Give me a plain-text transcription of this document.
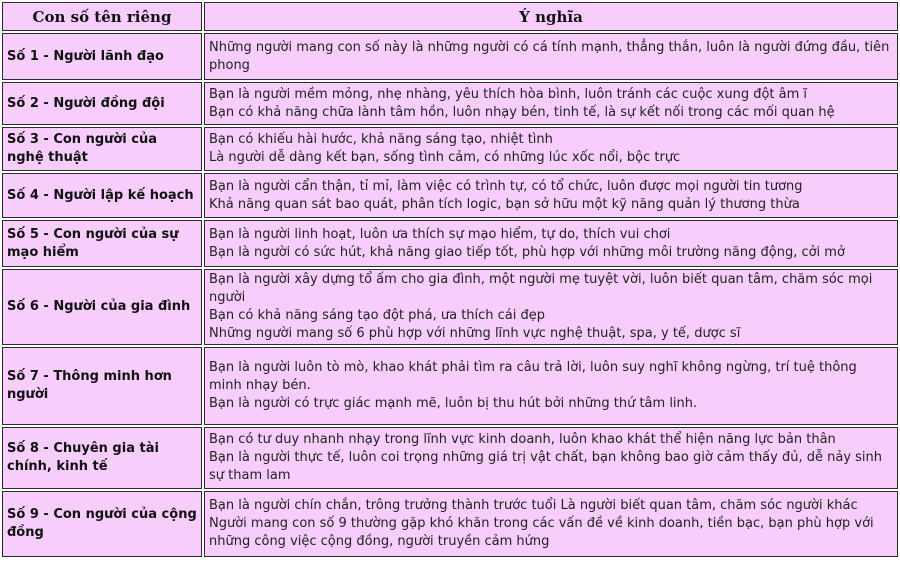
Con số tên riêng	Ý nghĩa
Số 1 - Người lãnh đạo	Những người mang con số này là những người có cá tính mạnh, thẳng thắn, luôn là người đứng đầu, tiên phong

Số 2 - Người đồng đội	Bạn là người mềm mỏng, nhẹ nhàng, yêu thích hòa bình, luôn tránh các cuộc xung đột âm ĩ
Bạn có khả năng chữa lành tâm hồn, luôn nhạy bén, tinh tế, là sự kết nối trong các mối quan hệ

Số 3 - Con người của nghệ thuật	Bạn có khiếu hài hước, khả năng sáng tạo, nhiệt tình
Là người dễ dàng kết bạn, sống tình cảm, có những lúc xốc nổi, bộc trực

Số 4 - Người lập kế hoạch	Bạn là người cẩn thận, tỉ mỉ, làm việc có trình tự, có tổ chức, luôn được mọi người tin tương
Khả năng quan sát bao quát, phân tích logic, bạn sở hữu một kỹ năng quản lý thương thừa

Số 5 - Con người của sự mạo hiểm	Bạn là người linh hoạt, luôn ưa thích sự mạo hiểm, tự do, thích vui chơi
Bạn là người có sức hút, khả năng giao tiếp tốt, phù hợp với những môi trường năng động, cởi mở

Số 6 - Người của gia đình	Bạn là người xây dựng tổ ấm cho gia đình, một người mẹ tuyệt vời, luôn biết quan tâm, chăm sóc mọi người
Bạn có khả năng sáng tạo đột phá, ưa thích cái đẹp
Những người mang số 6 phù hợp với những lĩnh vực nghệ thuật, spa, y tế, dược sĩ

Số 7 - Thông minh hơn người	Bạn là người luôn tò mò, khao khát phải tìm ra câu trả lời, luôn suy nghĩ không ngừng, trí tuệ thông minh nhạy bén.
Bạn là người có trực giác mạnh mẽ, luôn bị thu hút bởi những thứ tâm linh.

Số 8 - Chuyên gia tài chính, kinh tế	Bạn có tư duy nhanh nhạy trong lĩnh vực kinh doanh, luôn khao khát thể hiện năng lực bản thân
Bạn là người thực tế, luôn coi trọng những giá trị vật chất, bạn không bao giờ cảm thấy đủ, dễ nảy sinh sự tham lam

Số 9 - Con người của cộng đồng	Bạn là người chín chắn, trông trưởng thành trước tuổi Là người biết quan tâm, chăm sóc người khác
Người mang con số 9 thường gặp khó khăn trong các vấn đề về kinh doanh, tiền bạc, bạn phù hợp với những công việc cộng đồng, người truyền cảm hứng
